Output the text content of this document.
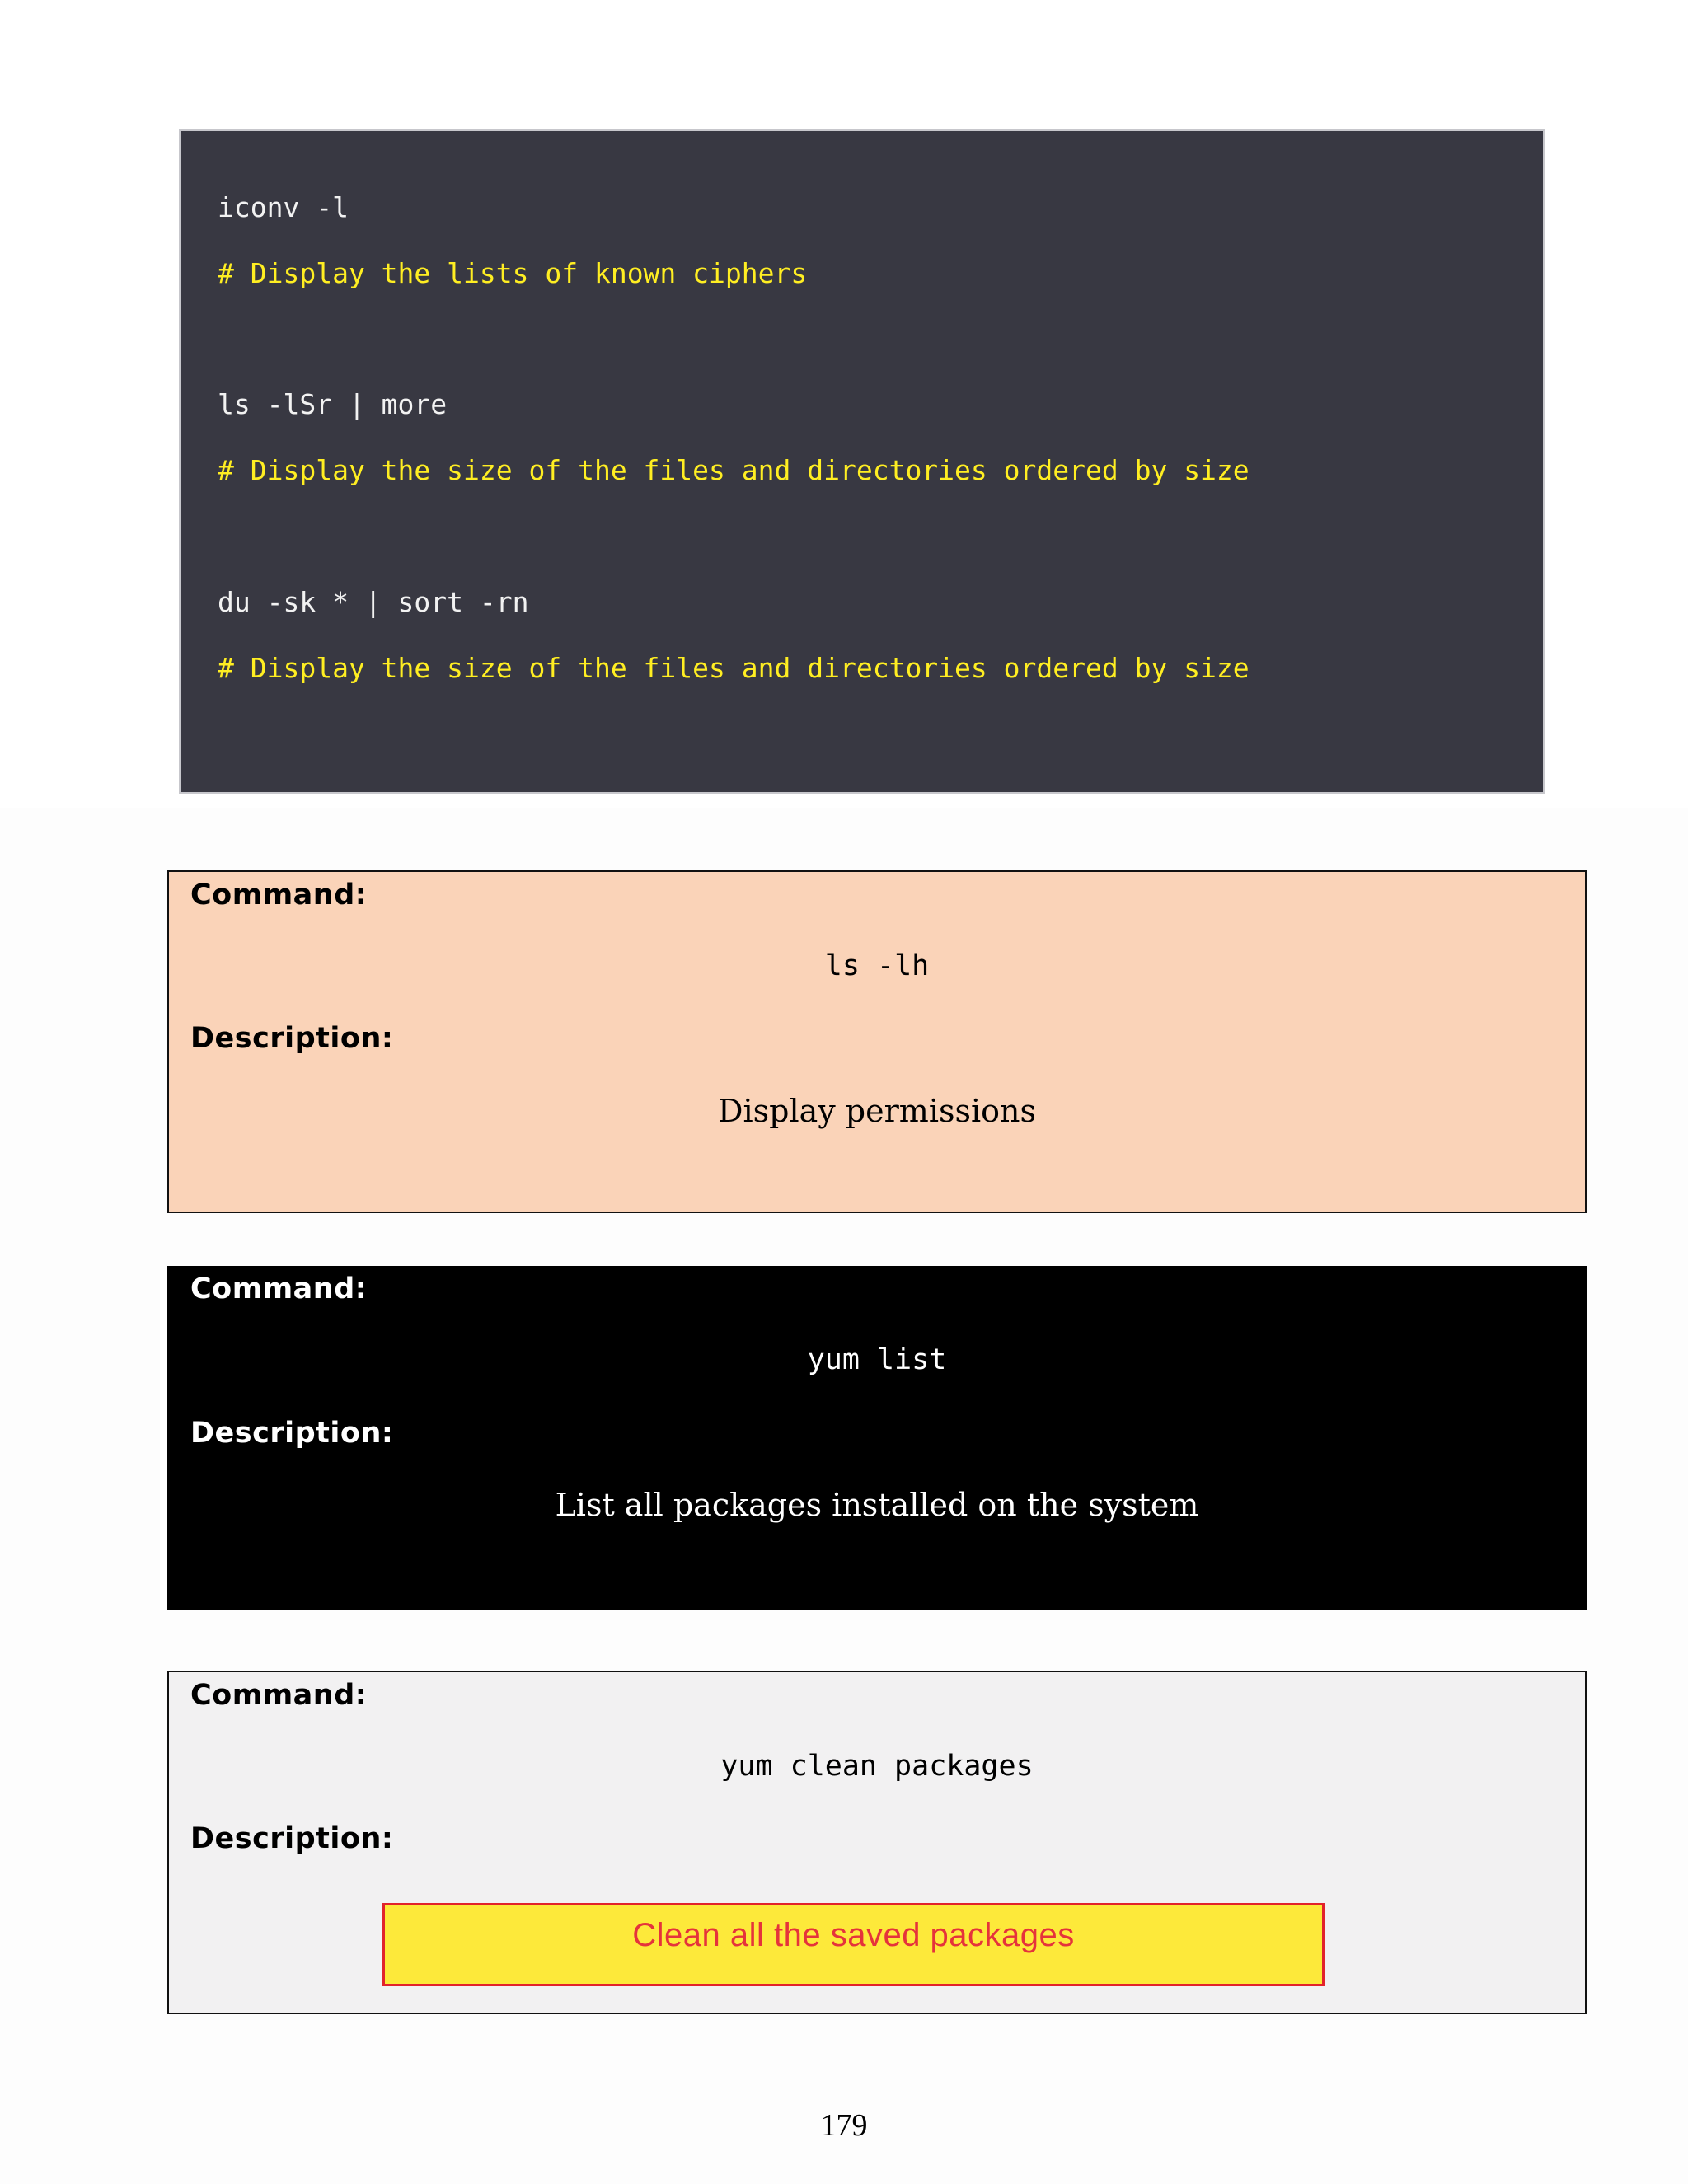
iconv -l
# Display the lists of known ciphers
ls -lSr | more
# Display the size of the files and directories ordered by size
du -sk * | sort -rn
# Display the size of the files and directories ordered by size
Command:
ls -lh
Description:
Display permissions
Command:
yum list
Description:
List all packages installed on the system
Command:
yum clean packages
Description:
Clean all the saved packages
179
